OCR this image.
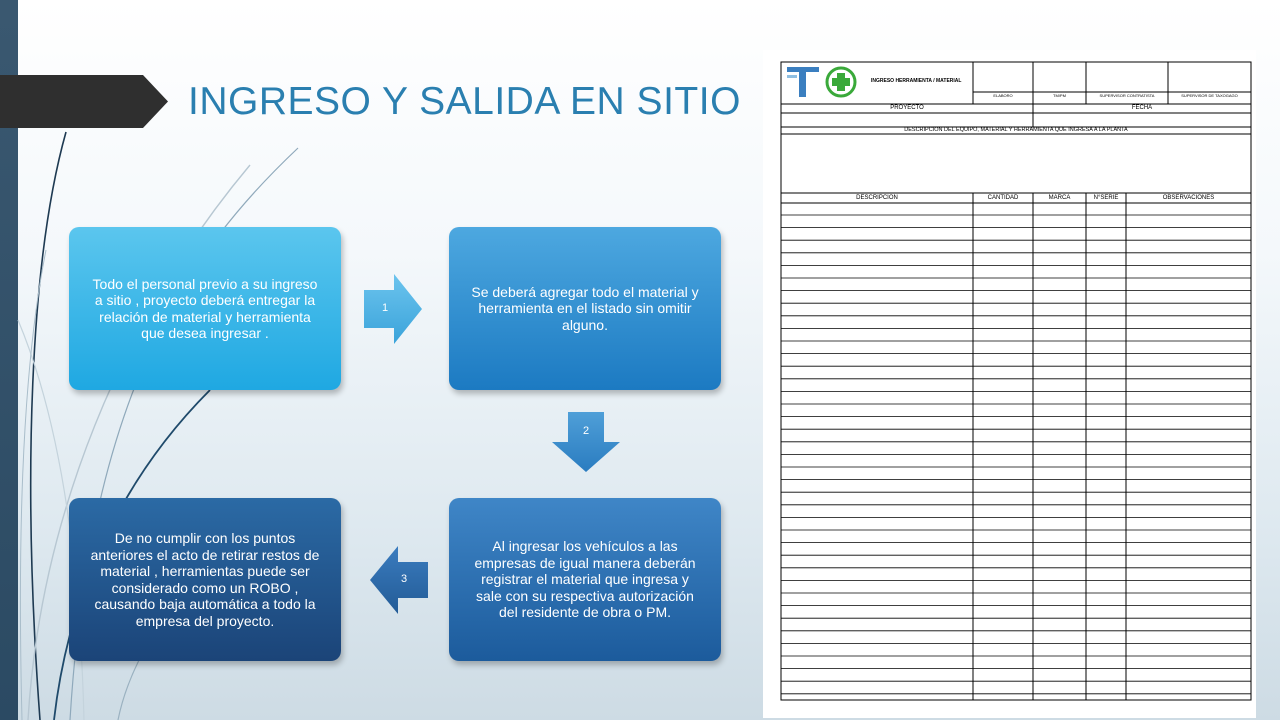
INGRESO Y SALIDA EN SITIO
Todo el personal previo a su ingreso a sitio , proyecto deberá entregar la relación de material y herramienta que desea ingresar .
Se deberá agregar todo el material y herramienta en el listado sin omitir alguno.
Al ingresar los vehículos a las empresas de igual manera deberán registrar el material que ingresa y sale con su respectiva autorización del residente de obra o PM.
De no cumplir con los puntos anteriores el acto de retirar restos de material , herramientas puede ser considerado como un ROBO , causando baja automática a todo la empresa del proyecto.
1
2
3
INGRESO HERRAMIENTA / MATERIAL
ELABORO	TM/PM	SUPERVISOR CONTRATISTA	SUPERVISOR DE TAXOGAGO
PROYECTO	FECHA
DESCRIPCION DEL EQUIPO, MATERIAL Y HERRAMIENTA QUE INGRESA A LA PLANTA
DESCRIPCION	CANTIDAD	MARCA	N°SERIE	OBSERVACIONES
